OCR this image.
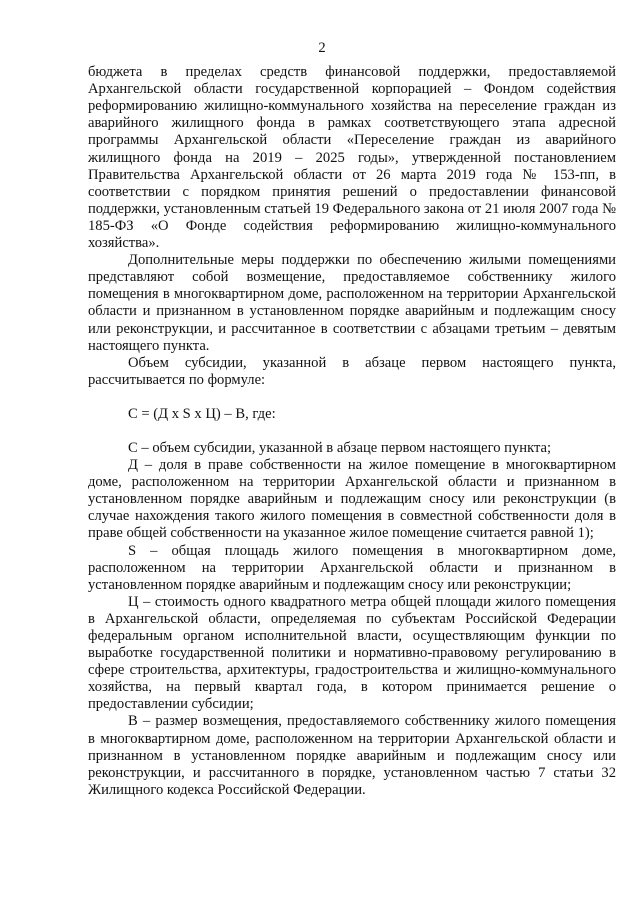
2

бюджета в пределах средств финансовой поддержки, предоставляемой Архангельской области государственной корпорацией – Фондом содействия реформированию жилищно-коммунального хозяйства на переселение граждан из аварийного жилищного фонда в рамках соответствующего этапа адресной программы Архангельской области «Переселение граждан из аварийного жилищного фонда на 2019 – 2025 годы», утвержденной постановлением Правительства Архангельской области от 26 марта 2019 года № 153-пп, в соответствии с порядком принятия решений о предоставлении финансовой поддержки, установленным статьей 19 Федерального закона от 21 июля 2007 года № 185-ФЗ «О Фонде содействия реформированию жилищно-коммунального хозяйства».

Дополнительные меры поддержки по обеспечению жилыми помещениями представляют собой возмещение, предоставляемое собственнику жилого помещения в многоквартирном доме, расположенном на территории Архангельской области и признанном в установленном порядке аварийным и подлежащим сносу или реконструкции, и рассчитанное в соответствии с абзацами третьим – девятым настоящего пункта.

Объем субсидии, указанной в абзаце первом настоящего пункта, рассчитывается по формуле:

С = (Д x S x Ц) – В, где:

С – объем субсидии, указанной в абзаце первом настоящего пункта;

Д – доля в праве собственности на жилое помещение в многоквартирном доме, расположенном на территории Архангельской области и признанном в установленном порядке аварийным и подлежащим сносу или реконструкции (в случае нахождения такого жилого помещения в совместной собственности доля в праве общей собственности на указанное жилое помещение считается равной 1);

S – общая площадь жилого помещения в многоквартирном доме, расположенном на территории Архангельской области и признанном в установленном порядке аварийным и подлежащим сносу или реконструкции;

Ц – стоимость одного квадратного метра общей площади жилого помещения в Архангельской области, определяемая по субъектам Российской Федерации федеральным органом исполнительной власти, осуществляющим функции по выработке государственной политики и нормативно-правовому регулированию в сфере строительства, архитектуры, градостроительства и жилищно-коммунального хозяйства, на первый квартал года, в котором принимается решение о предоставлении субсидии;

В – размер возмещения, предоставляемого собственнику жилого помещения в многоквартирном доме, расположенном на территории Архангельской области и признанном в установленном порядке аварийным и подлежащим сносу или реконструкции, и рассчитанного в порядке, установленном частью 7 статьи 32 Жилищного кодекса Российской Федерации.
